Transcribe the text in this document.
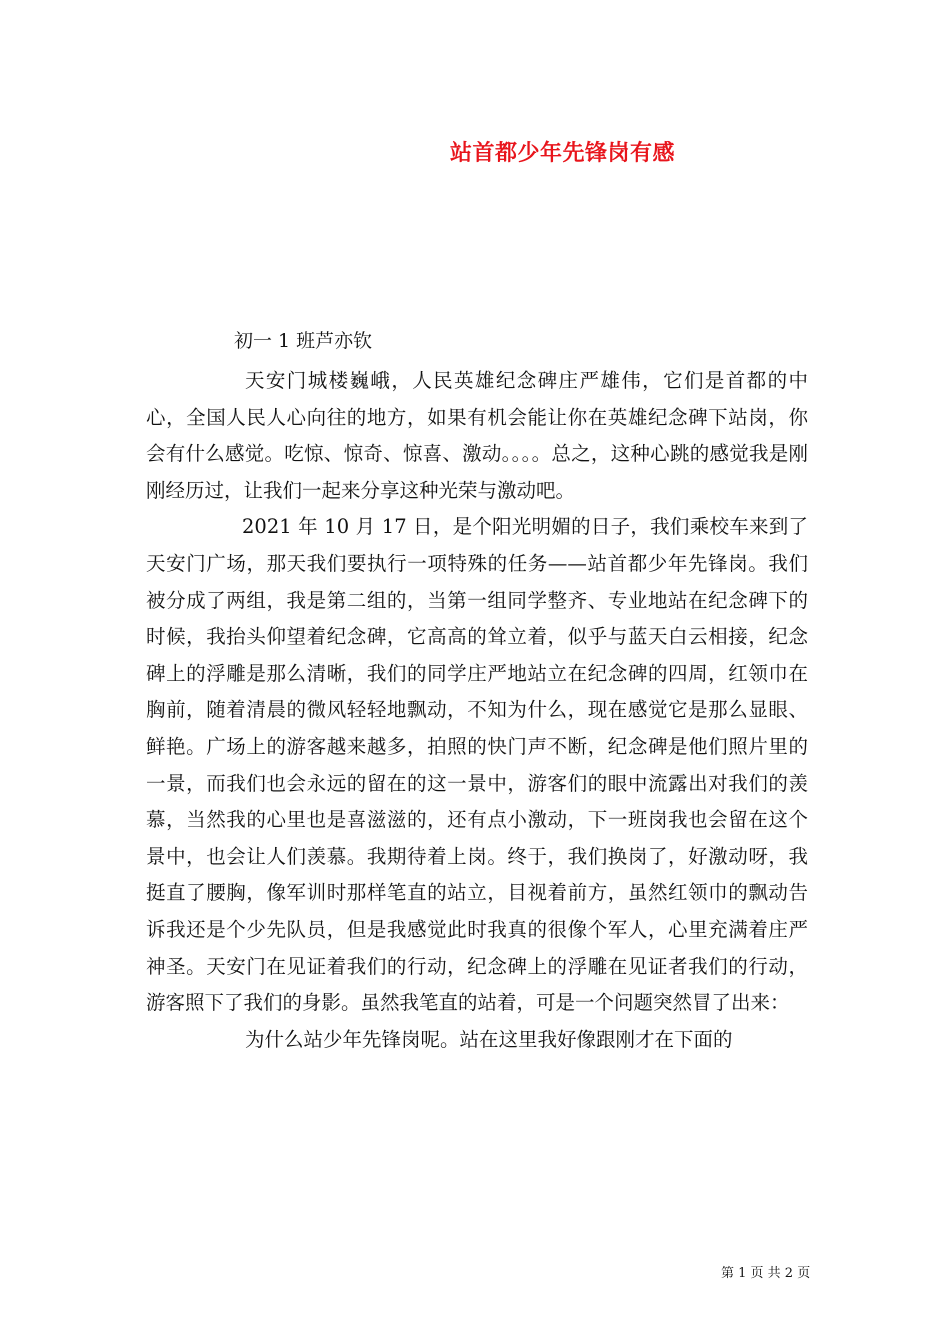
站首都少年先锋岗有感
初一 1 班芦亦钦

天安门城楼巍峨，人民英雄纪念碑庄严雄伟，它们是首都的中心，全国人民人心向往的地方，如果有机会能让你在英雄纪念碑下站岗，你会有什么感觉。吃惊、惊奇、惊喜、激动。。。。总之，这种心跳的感觉我是刚刚经历过，让我们一起来分享这种光荣与激动吧。

2021 年 10 月 17 日，是个阳光明媚的日子，我们乘校车来到了天安门广场，那天我们要执行一项特殊的任务——站首都少年先锋岗。我们被分成了两组，我是第二组的，当第一组同学整齐、专业地站在纪念碑下的时候，我抬头仰望着纪念碑，它高高的耸立着，似乎与蓝天白云相接，纪念碑上的浮雕是那么清晰，我们的同学庄严地站立在纪念碑的四周，红领巾在胸前，随着清晨的微风轻轻地飘动，不知为什么，现在感觉它是那么显眼、鲜艳。广场上的游客越来越多，拍照的快门声不断，纪念碑是他们照片里的一景，而我们也会永远的留在的这一景中，游客们的眼中流露出对我们的羡慕，当然我的心里也是喜滋滋的，还有点小激动，下一班岗我也会留在这个景中，也会让人们羡慕。我期待着上岗。终于，我们换岗了，好激动呀，我挺直了腰胸，像军训时那样笔直的站立，目视着前方，虽然红领巾的飘动告诉我还是个少先队员，但是我感觉此时我真的很像个军人，心里充满着庄严神圣。天安门在见证着我们的行动，纪念碑上的浮雕在见证者我们的行动，游客照下了我们的身影。虽然我笔直的站着，可是一个问题突然冒了出来：

为什么站少年先锋岗呢。站在这里我好像跟刚才在下面的

第 1 页 共 2 页
